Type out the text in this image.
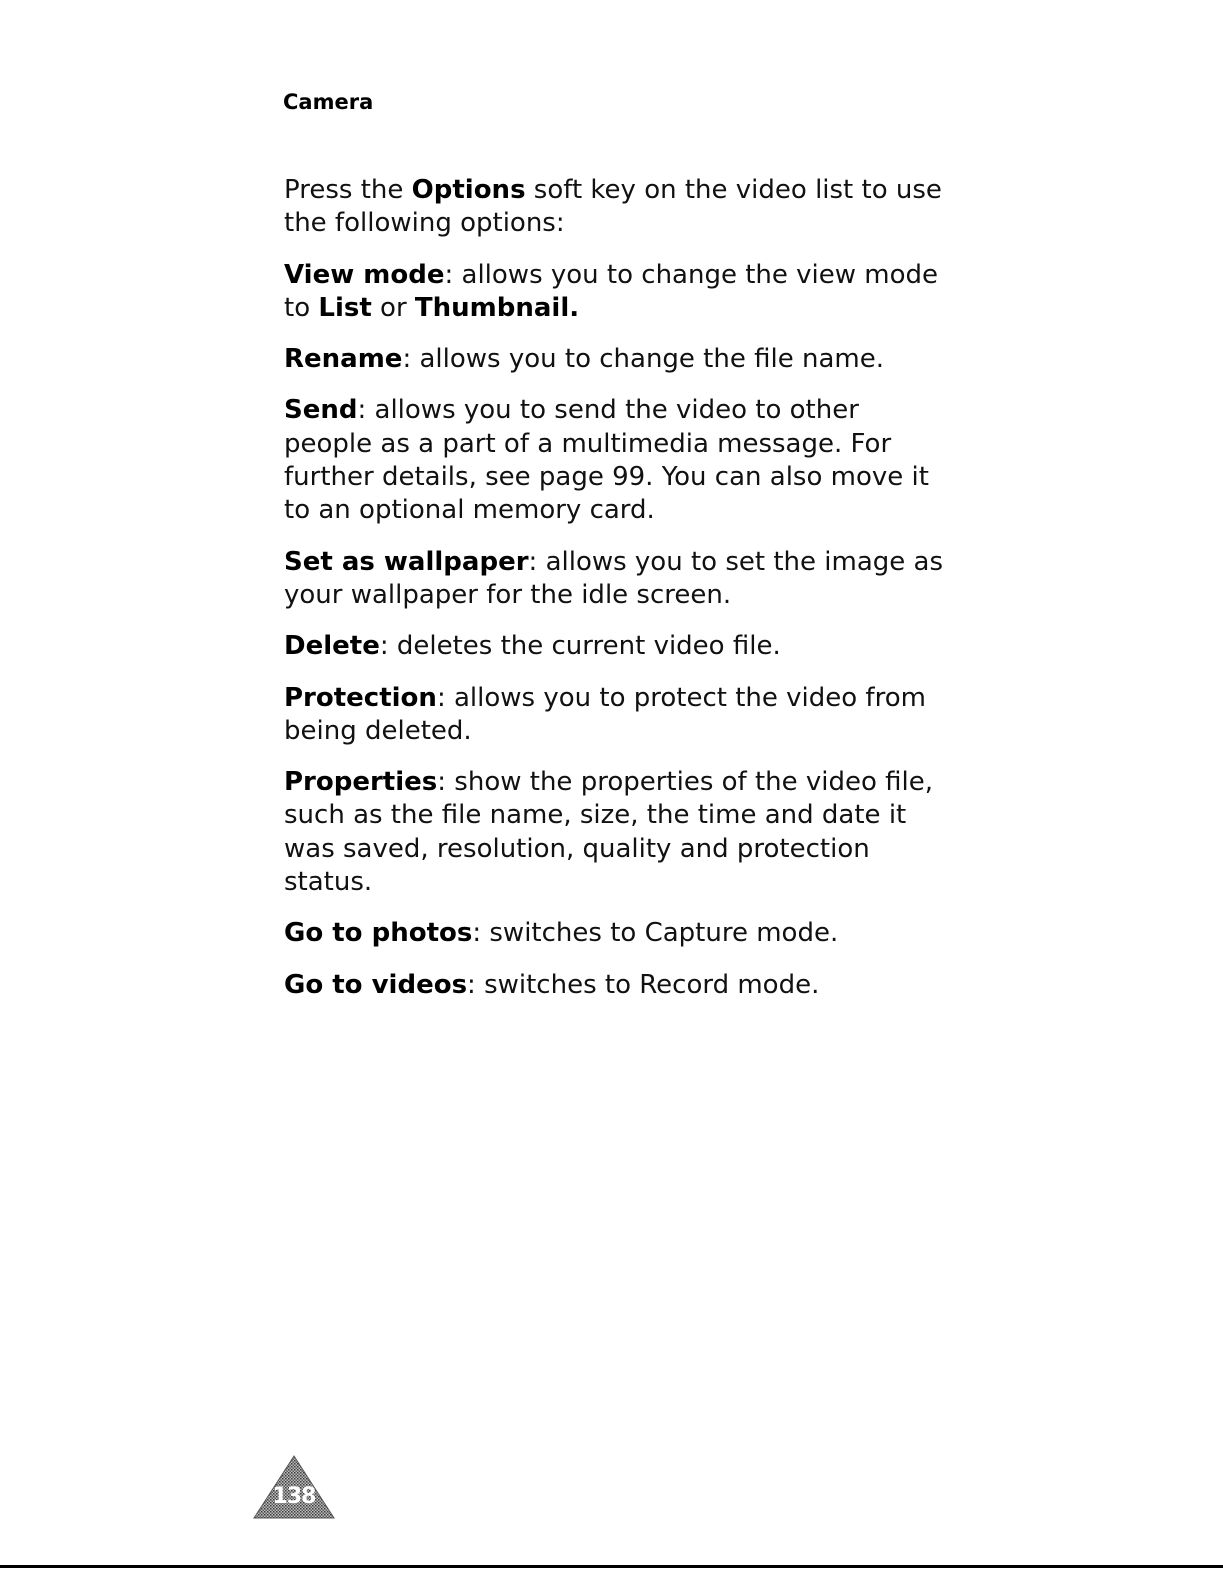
Camera

Press the Options soft key on the video list to use the following options:

View mode: allows you to change the view mode to List or Thumbnail.

Rename: allows you to change the file name.

Send: allows you to send the video to other people as a part of a multimedia message. For further details, see page 99. You can also move it to an optional memory card.

Set as wallpaper: allows you to set the image as your wallpaper for the idle screen.

Delete: deletes the current video file.

Protection: allows you to protect the video from being deleted.

Properties: show the properties of the video file, such as the file name, size, the time and date it was saved, resolution, quality and protection status.

Go to photos: switches to Capture mode.

Go to videos: switches to Record mode.

138
